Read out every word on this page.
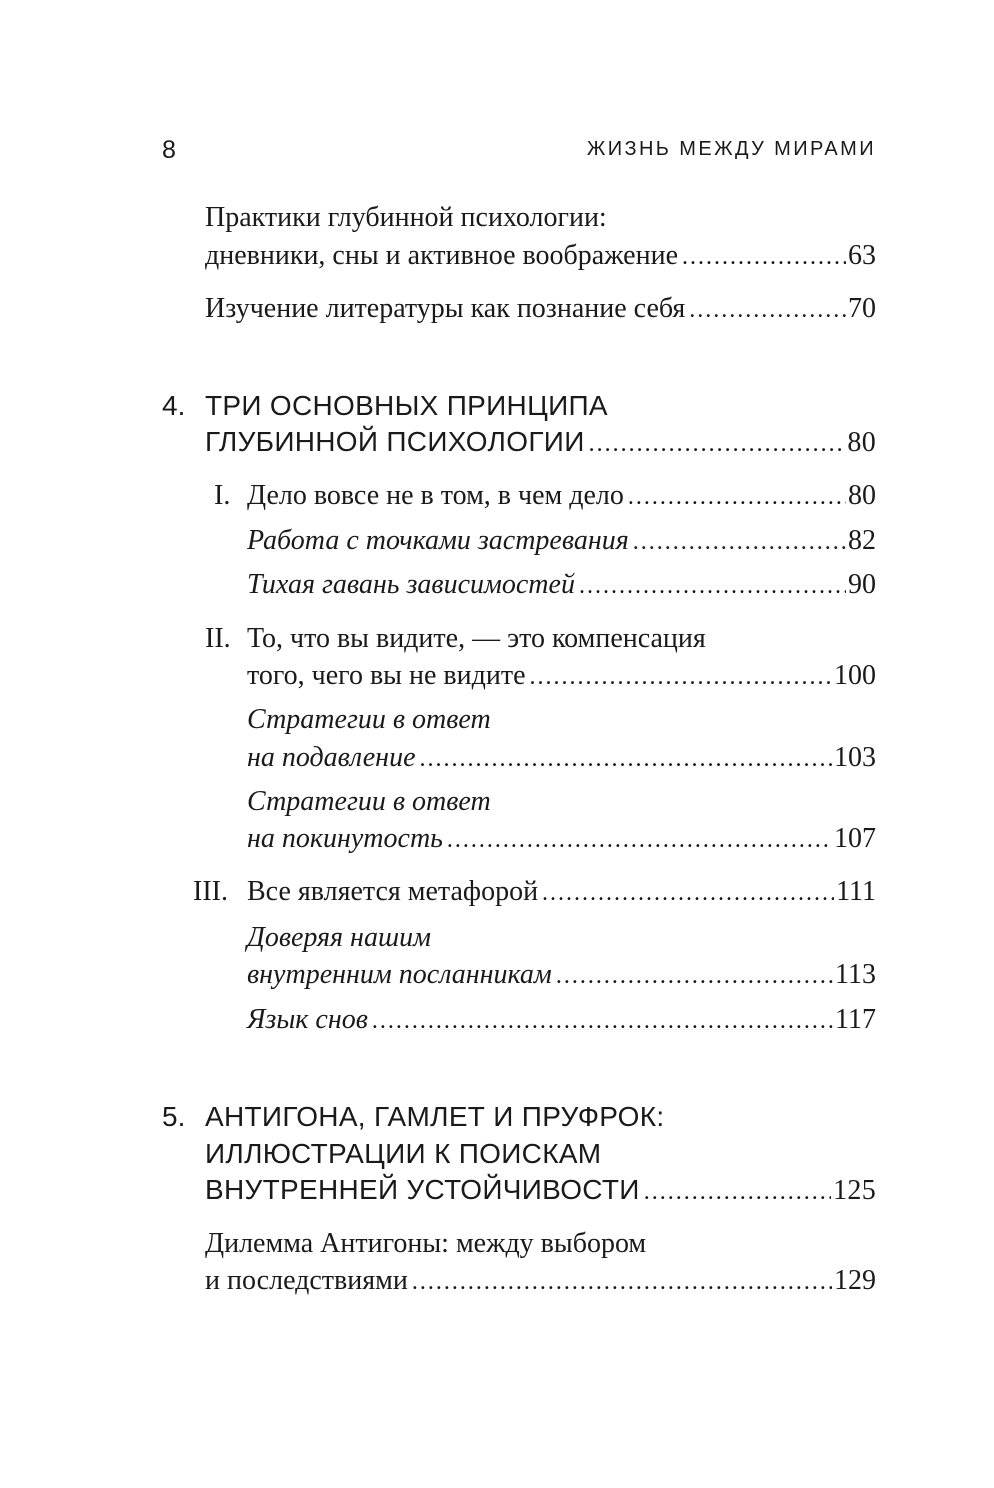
8	ЖИЗНЬ МЕЖДУ МИРАМИ
Практики глубинной психологии:
дневники, сны и активное воображение .....	63
Изучение литературы как познание себя .....	70
4. ТРИ ОСНОВНЫХ ПРИНЦИПА
ГЛУБИННОЙ ПСИХОЛОГИИ .....	80
I. Дело вовсе не в том, в чем дело .....	80
Работа с точками застревания .....	82
Тихая гавань зависимостей .....	90
II. То, что вы видите, — это компенсация
того, чего вы не видите .....	100
Стратегии в ответ
на подавление .....	103
Стратегии в ответ
на покинутость .....	107
III. Все является метафорой .....	111
Доверяя нашим
внутренним посланникам .....	113
Язык снов .....	117
5. АНТИГОНА, ГАМЛЕТ И ПРУФРОК:
ИЛЛЮСТРАЦИИ К ПОИСКАМ
ВНУТРЕННЕЙ УСТОЙЧИВОСТИ .....	125
Дилемма Антигоны: между выбором
и последствиями .....	129
